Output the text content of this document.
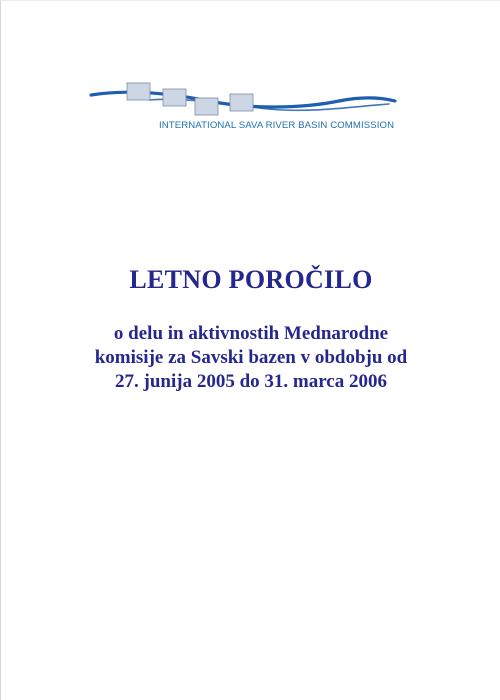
INTERNATIONAL SAVA RIVER BASIN COMMISSION
LETNO POROČILO
o delu in aktivnostih Mednarodne
komisije za Savski bazen v obdobju od
27. junija 2005 do 31. marca 2006
